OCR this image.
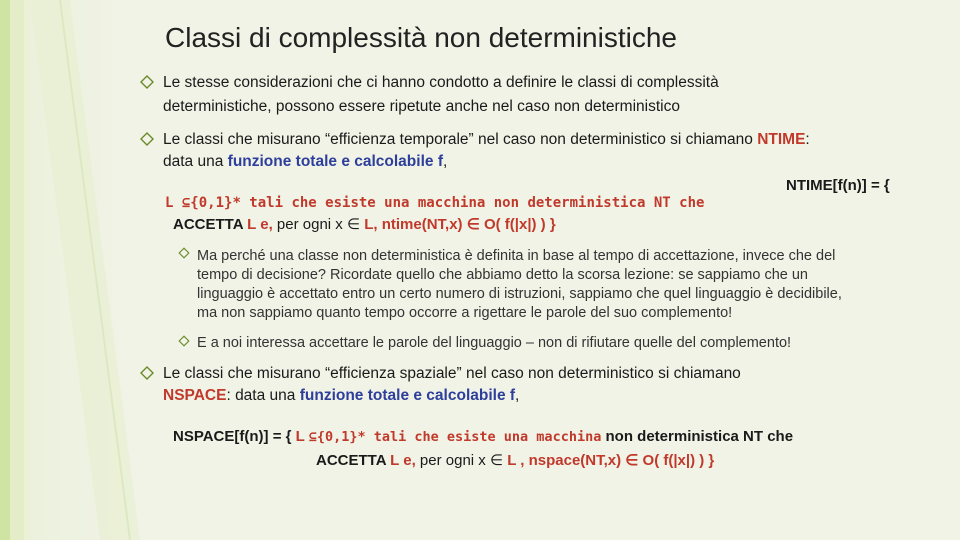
Classi di complessità non deterministiche
Le stesse considerazioni che ci hanno condotto a definire le classi di complessità
deterministiche, possono essere ripetute anche nel caso non deterministico
Le classi che misurano “efficienza temporale” nel caso non deterministico si chiamano NTIME:
data una funzione totale e calcolabile f,
NTIME[f(n)] = {
L ⊆{0,1}* tali che esiste una macchina non deterministica NT che
ACCETTA L e, per ogni x ∈ L, ntime(NT,x) ∈ O( f(|x|) ) }
Ma perché una classe non deterministica è definita in base al tempo di accettazione, invece che del
tempo di decisione? Ricordate quello che abbiamo detto la scorsa lezione: se sappiamo che un
linguaggio è accettato entro un certo numero di istruzioni, sappiamo che quel linguaggio è decidibile,
ma non sappiamo quanto tempo occorre a rigettare le parole del suo complemento!
E a noi interessa accettare le parole del linguaggio – non di rifiutare quelle del complemento!
Le classi che misurano “efficienza spaziale” nel caso non deterministico si chiamano
NSPACE: data una funzione totale e calcolabile f,
NSPACE[f(n)] = { L ⊆{0,1}* tali che esiste una macchina non deterministica NT che
ACCETTA L e, per ogni x ∈ L , nspace(NT,x) ∈ O( f(|x|) ) }
